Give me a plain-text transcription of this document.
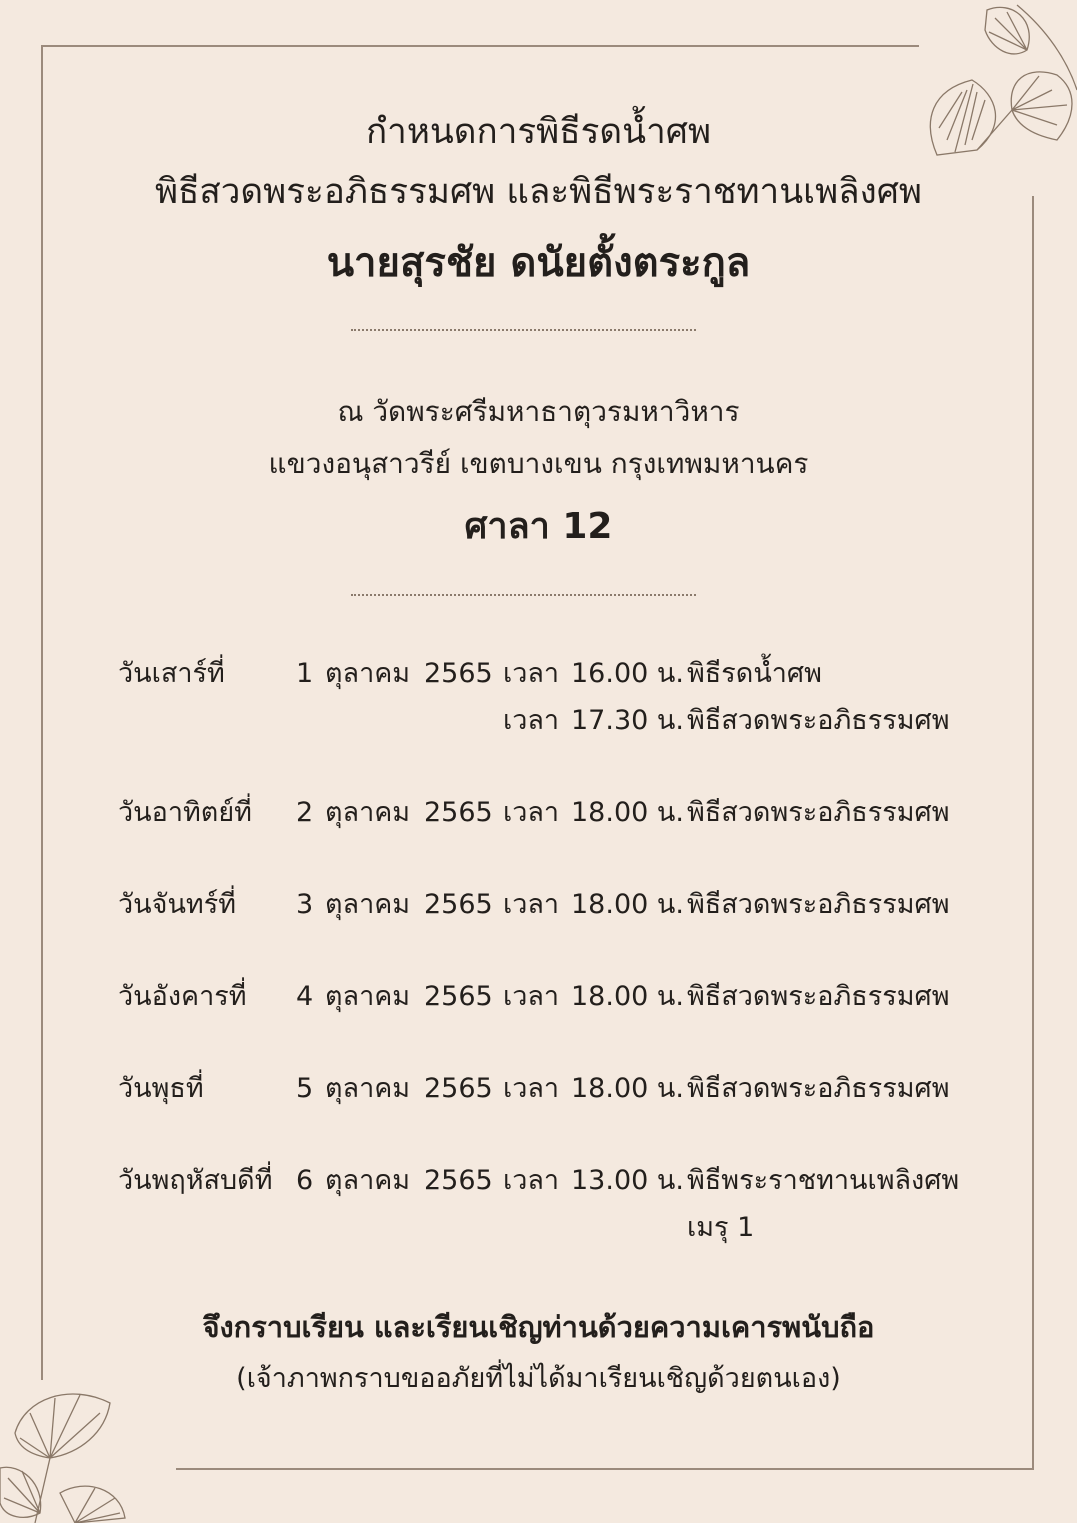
กำหนดการพิธีรดน้ำศพ
พิธีสวดพระอภิธรรมศพ และพิธีพระราชทานเพลิงศพ
นายสุรชัย ดนัยตั้งตระกูล
ณ วัดพระศรีมหาธาตุวรมหาวิหาร
แขวงอนุสาวรีย์ เขตบางเขน กรุงเทพมหานคร
ศาลา 12
วันเสาร์ที่	1 ตุลาคม 2565 เวลา 16.00 น. พิธีรดน้ำศพ
เวลา 17.30 น. พิธีสวดพระอภิธรรมศพ
วันอาทิตย์ที่ 2 ตุลาคม 2565 เวลา 18.00 น. พิธีสวดพระอภิธรรมศพ
วันจันทร์ที่ 3 ตุลาคม 2565 เวลา 18.00 น. พิธีสวดพระอภิธรรมศพ
วันอังคารที่ 4 ตุลาคม 2565 เวลา 18.00 น. พิธีสวดพระอภิธรรมศพ
วันพุธที่	5 ตุลาคม 2565 เวลา 18.00 น. พิธีสวดพระอภิธรรมศพ
วันพฤหัสบดีที่ 6 ตุลาคม 2565 เวลา 13.00 น. พิธีพระราชทานเพลิงศพ
เมรุ 1
จึงกราบเรียน และเรียนเชิญท่านด้วยความเคารพนับถือ
(เจ้าภาพกราบขออภัยที่ไม่ได้มาเรียนเชิญด้วยตนเอง)
